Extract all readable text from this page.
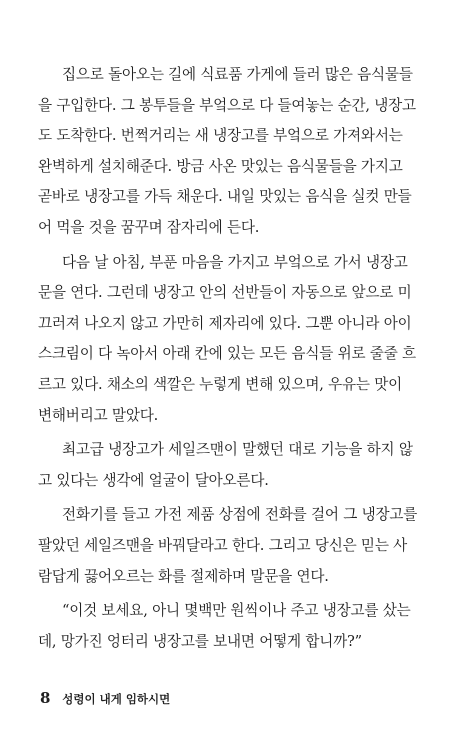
집으로 돌아오는 길에 식료품 가게에 들러 많은 음식물들
을 구입한다. 그 봉투들을 부엌으로 다 들여놓는 순간, 냉장고
도 도착한다. 번쩍거리는 새 냉장고를 부엌으로 가져와서는
완벽하게 설치해준다. 방금 사온 맛있는 음식물들을 가지고
곧바로 냉장고를 가득 채운다. 내일 맛있는 음식을 실컷 만들
어 먹을 것을 꿈꾸며 잠자리에 든다.
다음 날 아침, 부푼 마음을 가지고 부엌으로 가서 냉장고
문을 연다. 그런데 냉장고 안의 선반들이 자동으로 앞으로 미
끄러져 나오지 않고 가만히 제자리에 있다. 그뿐 아니라 아이
스크림이 다 녹아서 아래 칸에 있는 모든 음식들 위로 줄줄 흐
르고 있다. 채소의 색깔은 누렇게 변해 있으며, 우유는 맛이
변해버리고 말았다.
최고급 냉장고가 세일즈맨이 말했던 대로 기능을 하지 않
고 있다는 생각에 얼굴이 달아오른다.
전화기를 들고 가전 제품 상점에 전화를 걸어 그 냉장고를
팔았던 세일즈맨을 바꿔달라고 한다. 그리고 당신은 믿는 사
람답게 끓어오르는 화를 절제하며 말문을 연다.
“이것 보세요, 아니 몇백만 원씩이나 주고 냉장고를 샀는
데, 망가진 엉터리 냉장고를 보내면 어떻게 합니까?”
8 성령이 내게 임하시면
